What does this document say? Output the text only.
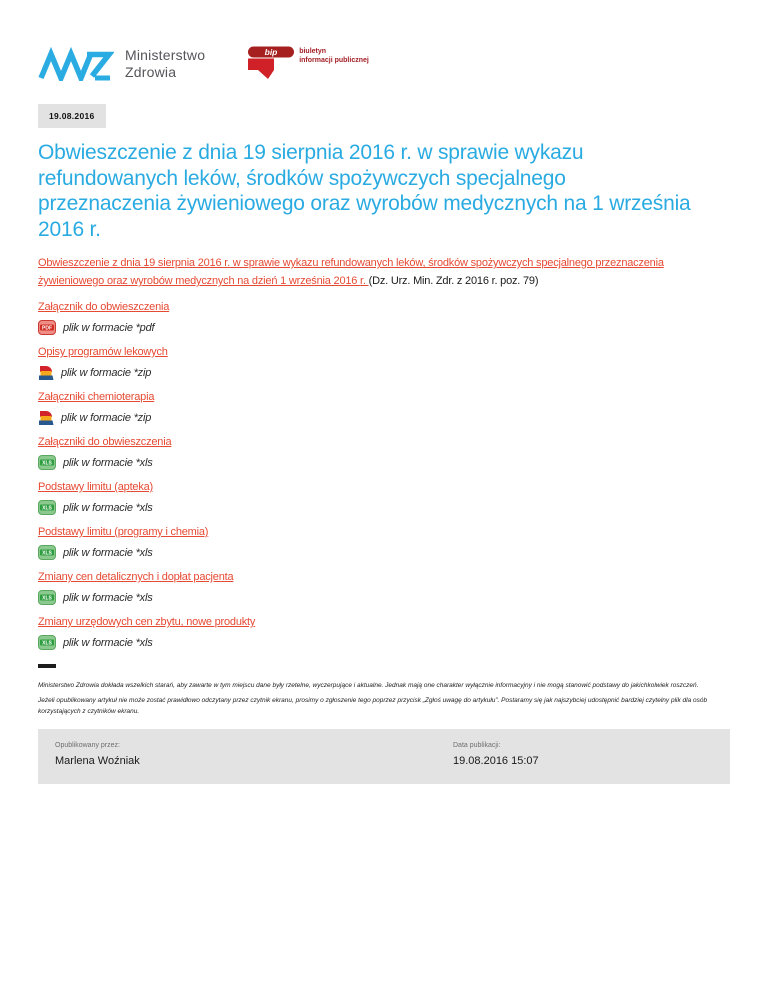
Ministerstwo
Zdrowia
bip	biuletyn
informacji publicznej
19.08.2016
Obwieszczenie z dnia 19 sierpnia 2016 r. w sprawie wykazu refundowanych leków, środków spożywczych specjalnego przeznaczenia żywieniowego oraz wyrobów medycznych na 1 września 2016 r.

Obwieszczenie z dnia 19 sierpnia 2016 r. w sprawie wykazu refundowanych leków, środków spożywczych specjalnego przeznaczenia żywieniowego oraz wyrobów medycznych na dzień 1 września 2016 r. (Dz. Urz. Min. Zdr. z 2016 r. poz. 79)

Załącznik do obwieszczenia
PDF plik w formacie *pdf
Opisy programów lekowych
plik w formacie *zip
Załączniki chemioterapia
plik w formacie *zip
Załączniki do obwieszczenia
XLS plik w formacie *xls
Podstawy limitu (apteka)
XLS plik w formacie *xls
Podstawy limitu (programy i chemia)
XLS plik w formacie *xls
Zmiany cen detalicznych i dopłat pacjenta
XLS plik w formacie *xls
Zmiany urzędowych cen zbytu, nowe produkty
XLS plik w formacie *xls

Ministerstwo Zdrowia dokłada wszelkich starań, aby zawarte w tym miejscu dane były rzetelne, wyczerpujące i aktualne. Jednak mają one charakter wyłącznie informacyjny i nie mogą stanowić podstawy do jakichkolwiek roszczeń.

Jeżeli opublikowany artykuł nie może zostać prawidłowo odczytany przez czytnik ekranu, prosimy o zgłoszenie tego poprzez przycisk „Zgłoś uwagę do artykułu”. Postaramy się jak najszybciej udostępnić bardziej czytelny plik dla osób korzystających z czytników ekranu.

Opublikowany przez:
Marlena Woźniak
Data publikacji:
19.08.2016 15:07
